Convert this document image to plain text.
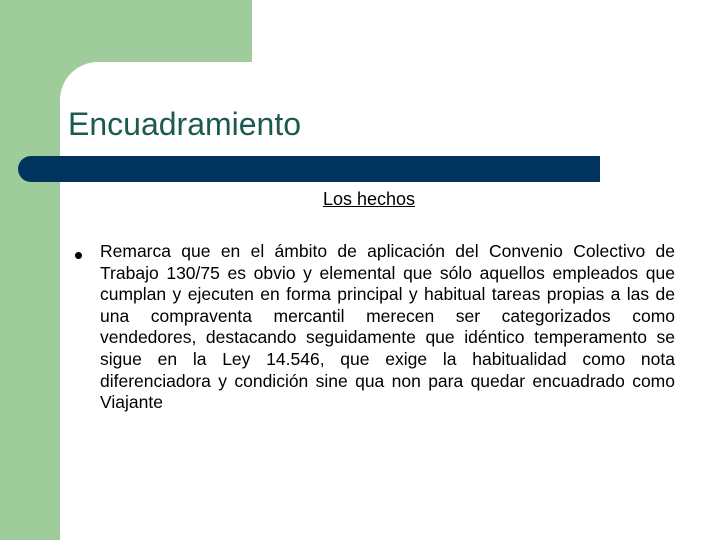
Encuadramiento
Los hechos

Remarca que en el ámbito de aplicación del Convenio Colectivo de Trabajo 130/75 es obvio y elemental que sólo aquellos empleados que cumplan y ejecuten en forma principal y habitual tareas propias a las de una compraventa mercantil merecen ser categorizados como vendedores, destacando seguidamente que idéntico temperamento se sigue en la Ley 14.546, que exige la habitualidad como nota diferenciadora y condición sine qua non para quedar encuadrado como Viajante
